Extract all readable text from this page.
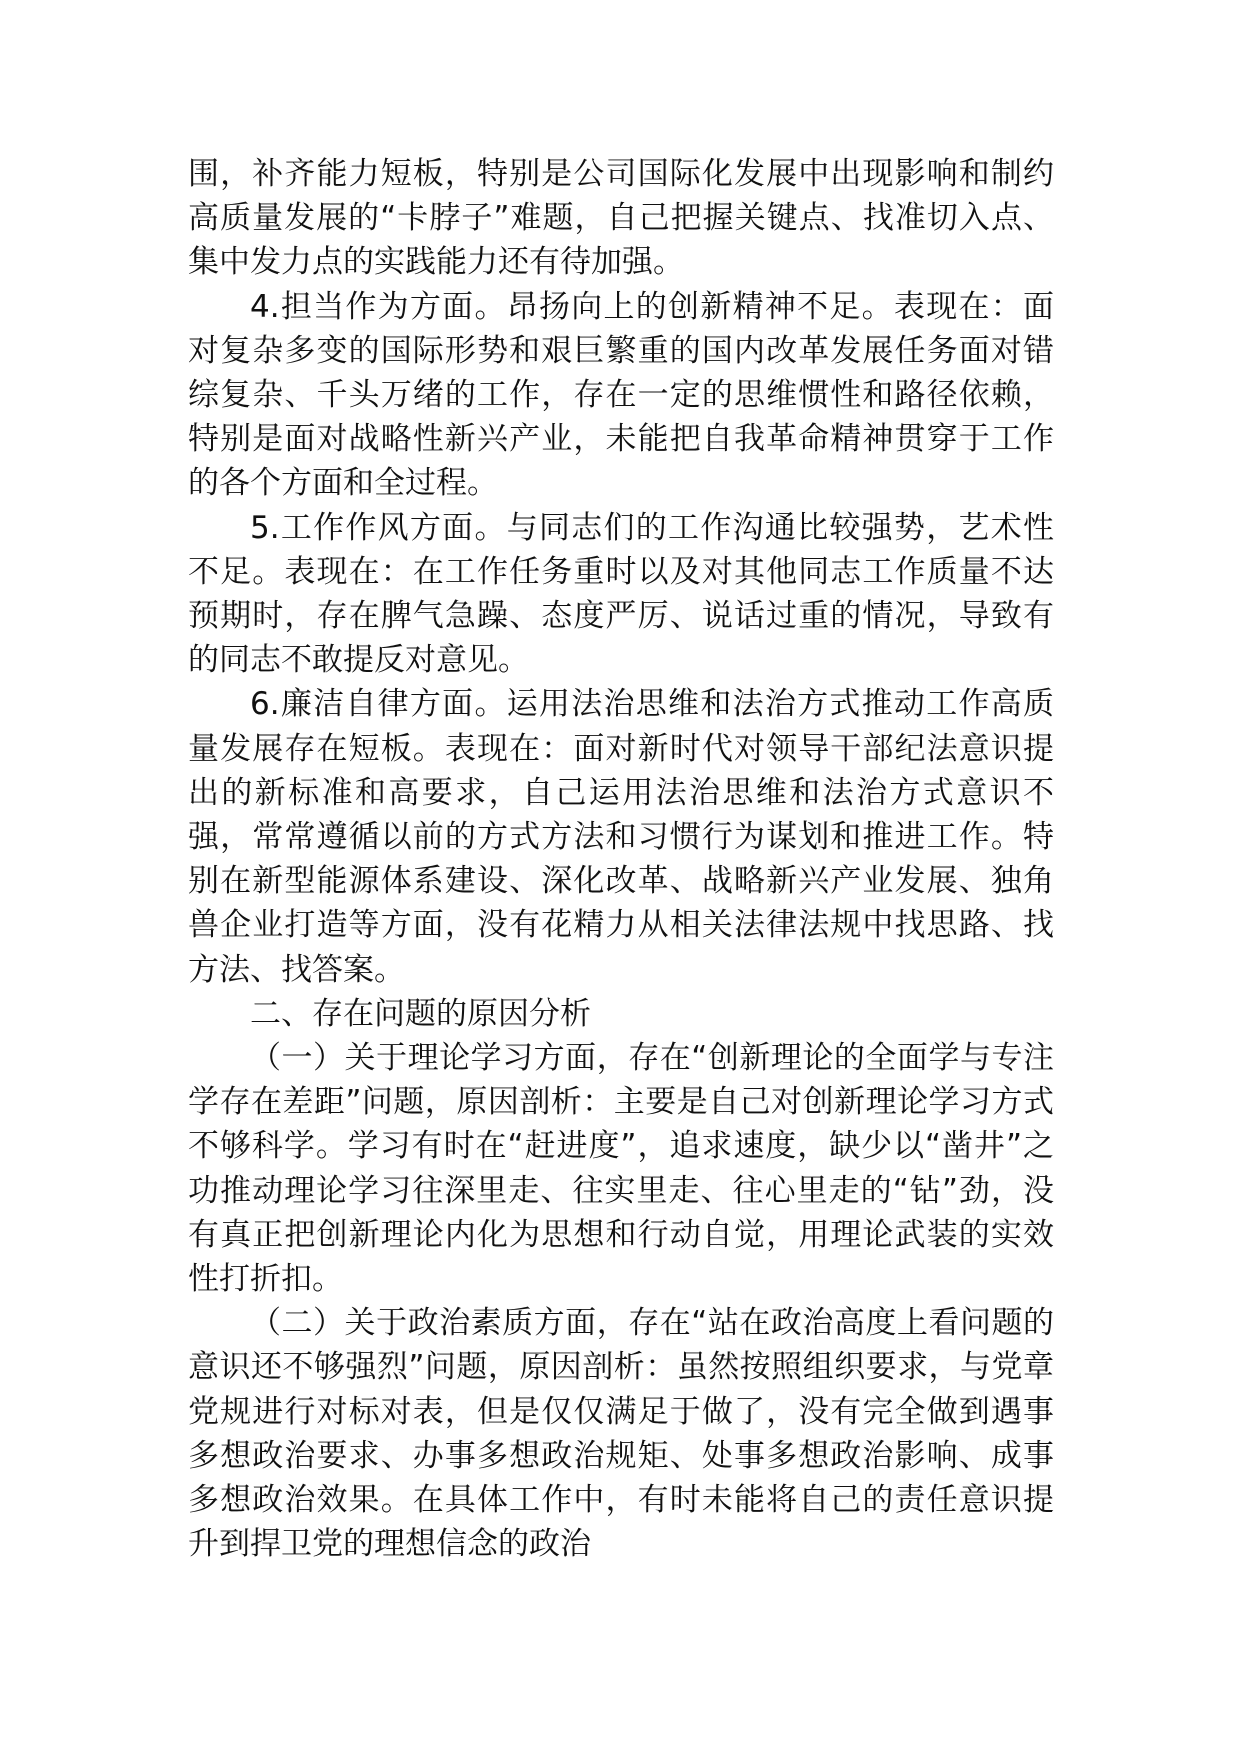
围，补齐能力短板，特别是公司国际化发展中出现影响和制约高质量发展的“卡脖子”难题，自己把握关键点、找准切入点、集中发力点的实践能力还有待加强。

4.担当作为方面。昂扬向上的创新精神不足。表现在：面对复杂多变的国际形势和艰巨繁重的国内改革发展任务面对错综复杂、千头万绪的工作，存在一定的思维惯性和路径依赖，特别是面对战略性新兴产业，未能把自我革命精神贯穿于工作的各个方面和全过程。

5.工作作风方面。与同志们的工作沟通比较强势，艺术性不足。表现在：在工作任务重时以及对其他同志工作质量不达预期时，存在脾气急躁、态度严厉、说话过重的情况，导致有的同志不敢提反对意见。

6.廉洁自律方面。运用法治思维和法治方式推动工作高质量发展存在短板。表现在：面对新时代对领导干部纪法意识提出的新标准和高要求，自己运用法治思维和法治方式意识不强，常常遵循以前的方式方法和习惯行为谋划和推进工作。特别在新型能源体系建设、深化改革、战略新兴产业发展、独角兽企业打造等方面，没有花精力从相关法律法规中找思路、找方法、找答案。

二、存在问题的原因分析

（一）关于理论学习方面，存在“创新理论的全面学与专注学存在差距”问题，原因剖析：主要是自己对创新理论学习方式不够科学。学习有时在“赶进度”，追求速度，缺少以“凿井”之功推动理论学习往深里走、往实里走、往心里走的“钻”劲，没有真正把创新理论内化为思想和行动自觉，用理论武装的实效性打折扣。

（二）关于政治素质方面，存在“站在政治高度上看问题的意识还不够强烈”问题，原因剖析：虽然按照组织要求，与党章党规进行对标对表，但是仅仅满足于做了，没有完全做到遇事多想政治要求、办事多想政治规矩、处事多想政治影响、成事多想政治效果。在具体工作中，有时未能将自己的责任意识提升到捍卫党的理想信念的政治
